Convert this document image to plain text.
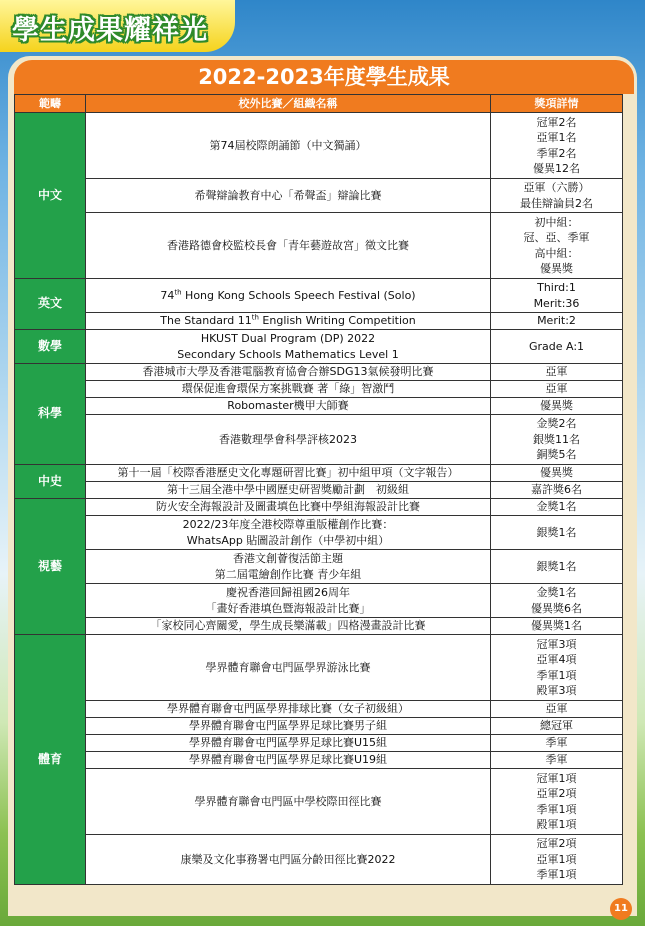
學生成果耀祥光
2022-2023年度學生成果
範疇	校外比賽／組織名稱	獎項詳情
中文	第74屆校際朗誦節（中文獨誦）	冠軍2名
亞軍1名
季軍2名
優異12名

	希聲辯論教育中心「希聲盃」辯論比賽	亞軍（六勝）
最佳辯論員2名

	香港路德會校監校長會「青年藝遊故宮」徵文比賽	初中組：
冠、亞、季軍
高中組：
優異獎

英文	74th Hong Kong Schools Speech Festival (Solo)	Third:1
Merit:36

	The Standard 11th English Writing Competition	Merit:2
數學	HKUST Dual Program (DP) 2022
Secondary Schools Mathematics Level 1	Grade A:1
科學	香港城市大學及香港電腦教育協會合辦SDG13氣候發明比賽	亞軍
	環保促進會環保方案挑戰賽 著「綠」智激鬥	亞軍
	Robomaster機甲大師賽	優異獎
	香港數理學會科學評核2023	金獎2名
銀獎11名
銅獎5名

中史	第十一屆「校際香港歷史文化專題研習比賽」初中組甲項（文字報告）	優異獎
	第十三屆全港中學中國歷史研習獎勵計劃　初級組	嘉許獎6名
視藝	防火安全海報設計及圖畫填色比賽中學組海報設計比賽	金獎1名

	2022/23年度全港校際尊重版權創作比賽：
WhatsApp 貼圖設計創作（中學初中組）	銀獎1名

	香港文創薈復活節主題
第二屆電繪創作比賽 青少年組	銀獎1名

	慶祝香港回歸祖國26周年
「畫好香港填色暨海報設計比賽」	金獎1名
優異獎6名

	「家校同心齊關愛，學生成長樂滿載」四格漫畫設計比賽	優異獎1名
體育	學界體育聯會屯門區學界游泳比賽	冠軍3項
亞軍4項
季軍1項
殿軍3項

	學界體育聯會屯門區學界排球比賽（女子初級組）	亞軍
	學界體育聯會屯門區學界足球比賽男子組	總冠軍
	學界體育聯會屯門區學界足球比賽U15組	季軍
	學界體育聯會屯門區學界足球比賽U19組	季軍
	學界體育聯會屯門區中學校際田徑比賽	冠軍1項
亞軍2項
季軍1項
殿軍1項

	康樂及文化事務署屯門區分齡田徑比賽2022	冠軍2項
亞軍1項
季軍1項
11
